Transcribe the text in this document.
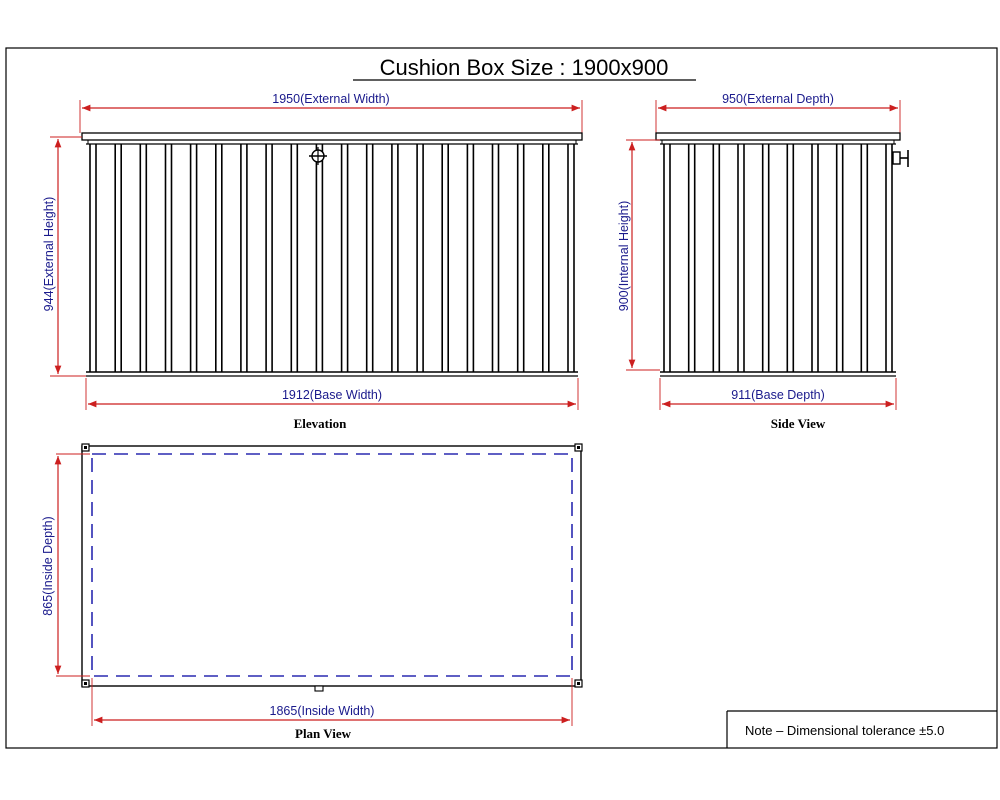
Cushion Box Size : 1900x900
1950(External Width)
944(External Height)
1912(Base Width)
Elevation
950(External Depth)
900(Internal Height)
911(Base Depth)
Side View
865(Inside Depth)
1865(Inside Width)
Plan View	Note – Dimensional tolerance ±5.0
